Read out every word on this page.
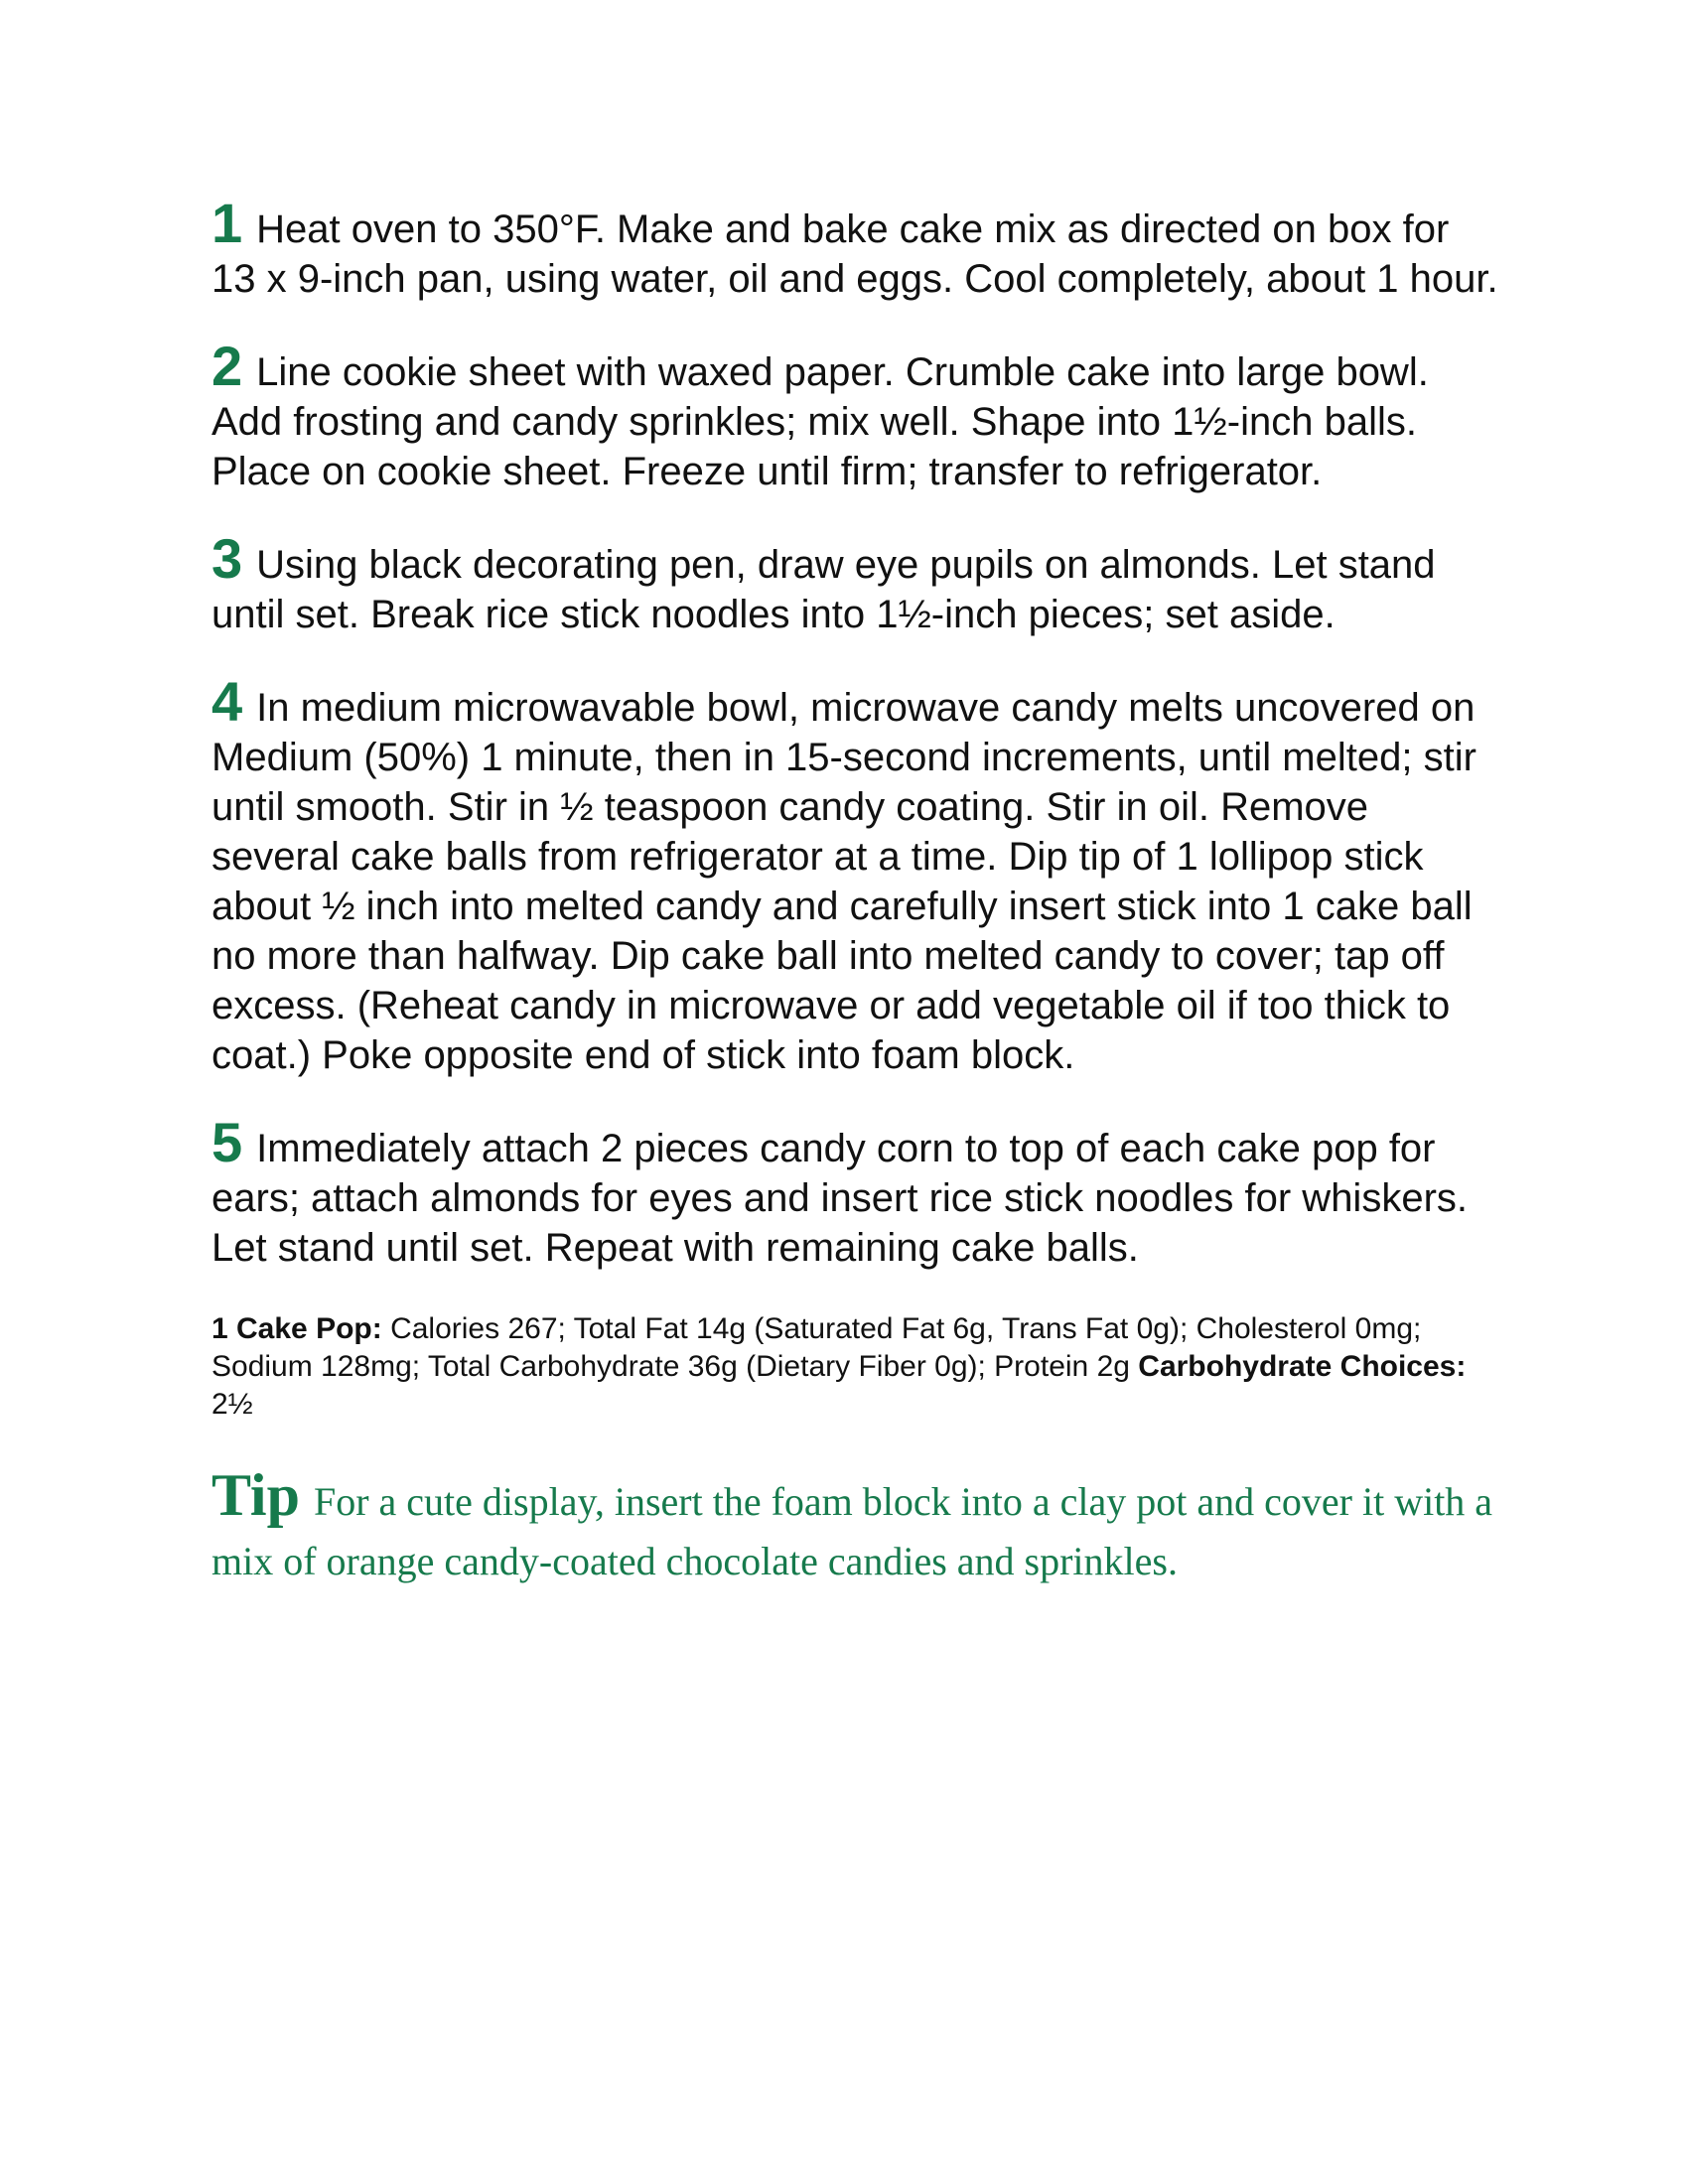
1 Heat oven to 350°F. Make and bake cake mix as directed on box for 13 x 9-inch pan, using water, oil and eggs. Cool completely, about 1 hour.

2 Line cookie sheet with waxed paper. Crumble cake into large bowl. Add frosting and candy sprinkles; mix well. Shape into 1½-inch balls. Place on cookie sheet. Freeze until firm; transfer to refrigerator.

3 Using black decorating pen, draw eye pupils on almonds. Let stand until set. Break rice stick noodles into 1½-inch pieces; set aside.

4 In medium microwavable bowl, microwave candy melts uncovered on Medium (50%) 1 minute, then in 15-second increments, until melted; stir until smooth. Stir in ½ teaspoon candy coating. Stir in oil. Remove several cake balls from refrigerator at a time. Dip tip of 1 lollipop stick about ½ inch into melted candy and carefully insert stick into 1 cake ball no more than halfway. Dip cake ball into melted candy to cover; tap off excess. (Reheat candy in microwave or add vegetable oil if too thick to coat.) Poke opposite end of stick into foam block.

5 Immediately attach 2 pieces candy corn to top of each cake pop for ears; attach almonds for eyes and insert rice stick noodles for whiskers. Let stand until set. Repeat with remaining cake balls.

1 Cake Pop: Calories 267; Total Fat 14g (Saturated Fat 6g, Trans Fat 0g); Cholesterol 0mg; Sodium 128mg; Total Carbohydrate 36g (Dietary Fiber 0g); Protein 2g Carbohydrate Choices: 2½

Tip For a cute display, insert the foam block into a clay pot and cover it with a mix of orange candy-coated chocolate candies and sprinkles.
